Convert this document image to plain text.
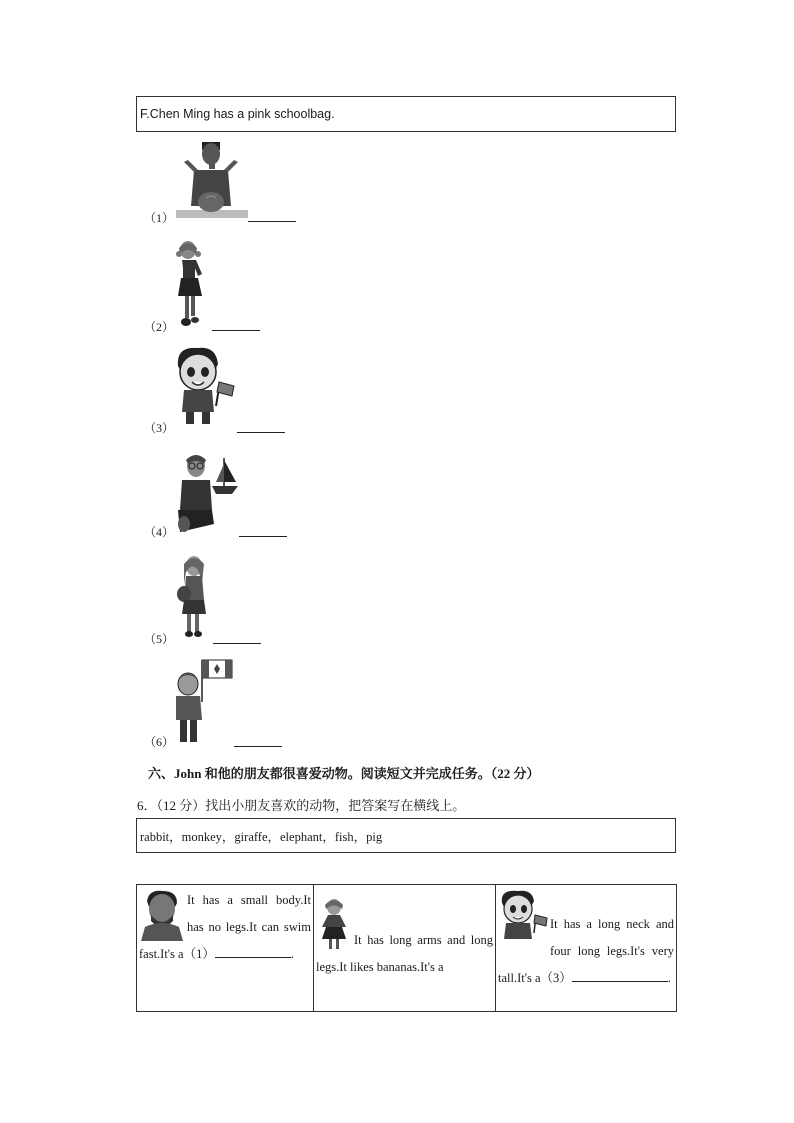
F.Chen Ming has a pink schoolbag.
（1）
（2）
（3）
（4）
（5）
（6）
六、John 和他的朋友都很喜爱动物。阅读短文并完成任务。（22 分）
6．（12 分）找出小朋友喜欢的动物，把答案写在横线上。
rabbit，monkey，giraffe，elephant，fish，pig
It has a small body.It has no legs.It can swim fast.It's a（1）	.	
It has long arms and long legs.It likes bananas.It's a

It has a long neck and four long legs.It's very tall.It's a（3）	.
